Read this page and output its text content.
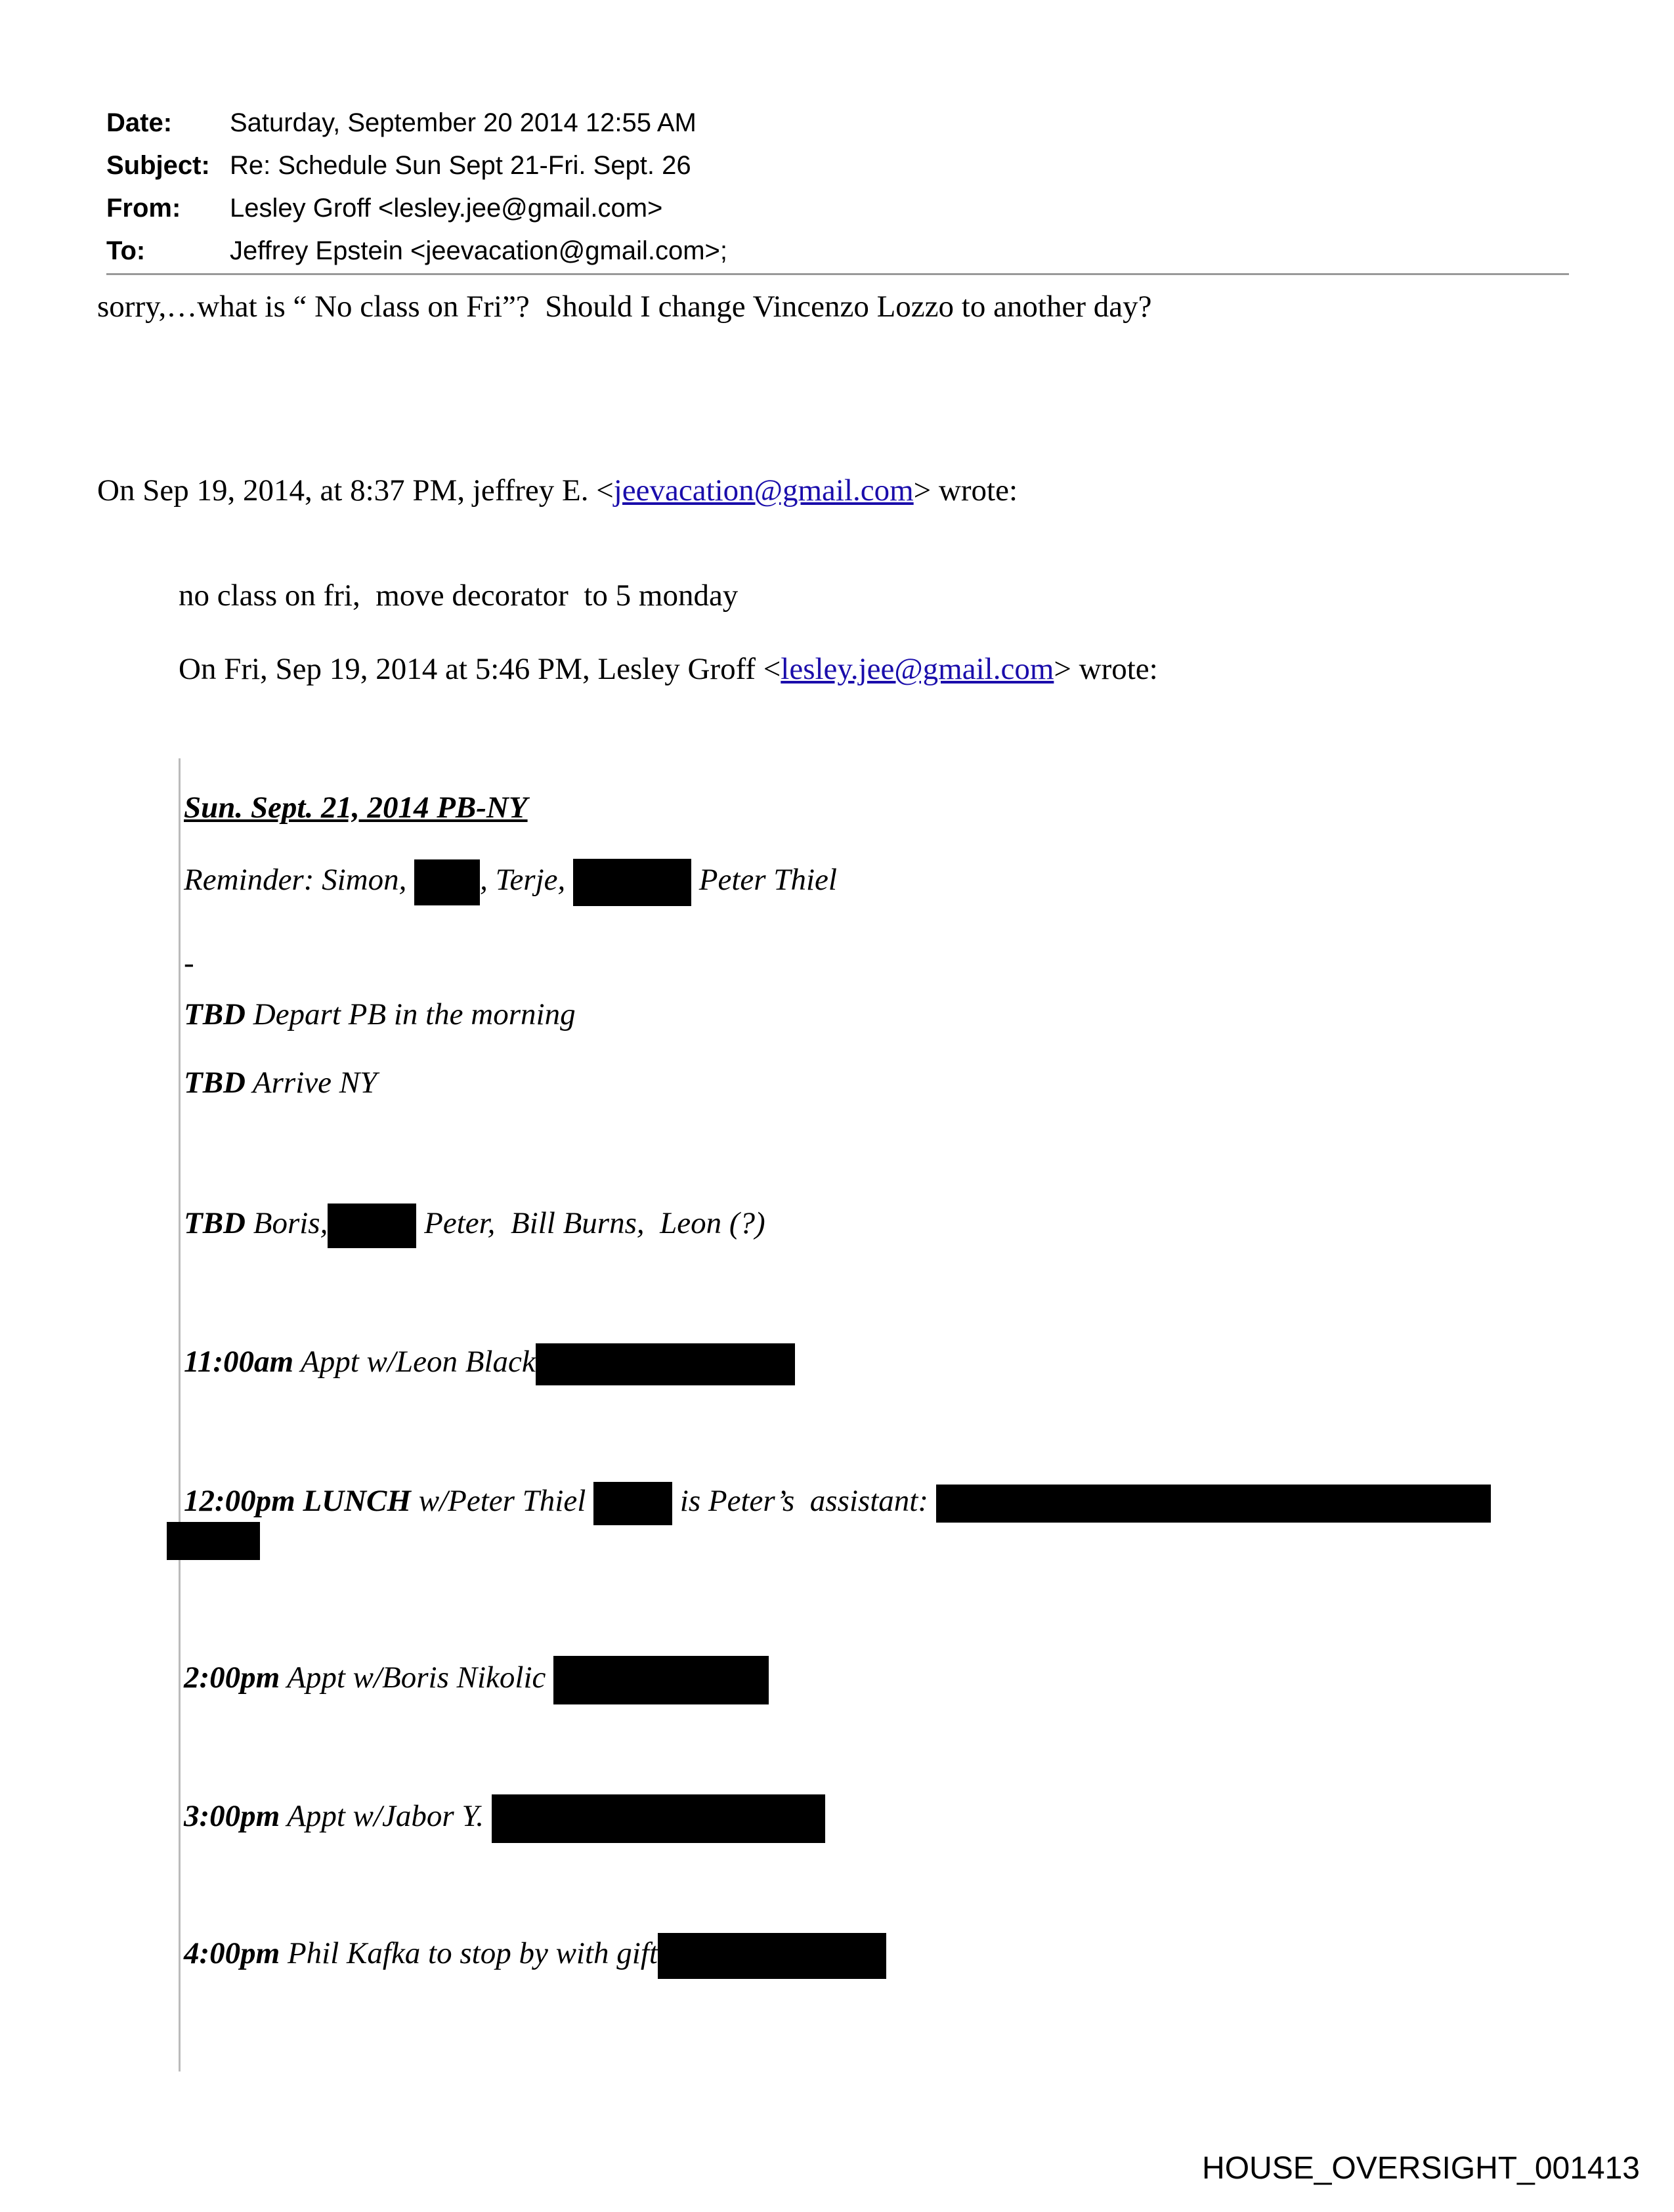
Date:	Saturday, September 20 2014 12:55 AM
Subject: Re: Schedule Sun Sept 21-Fri. Sept. 26
From:	Lesley Groff <lesley.jee@gmail.com>
To:	Jeffrey Epstein <jeevacation@gmail.com>;
sorry,…what is “ No class on Fri”?  Should I change Vincenzo Lozzo to another day?
On Sep 19, 2014, at 8:37 PM, jeffrey E. <jeevacation@gmail.com> wrote:
no class on fri,  move decorator  to 5 monday
On Fri, Sep 19, 2014 at 5:46 PM, Lesley Groff <lesley.jee@gmail.com> wrote:
Sun. Sept. 21, 2014 PB-NY
Reminder: Simon, , Terje,	Peter Thiel
-
TBD Depart PB in the morning
TBD Arrive NY
TBD Boris,	Peter,  Bill Burns,  Leon (?)
11:00am Appt w/Leon Black
12:00pm LUNCH w/Peter Thiel	is Peter’s  assistant:
2:00pm Appt w/Boris Nikolic
3:00pm Appt w/Jabor Y.
4:00pm Phil Kafka to stop by with gift
HOUSE_OVERSIGHT_001413
